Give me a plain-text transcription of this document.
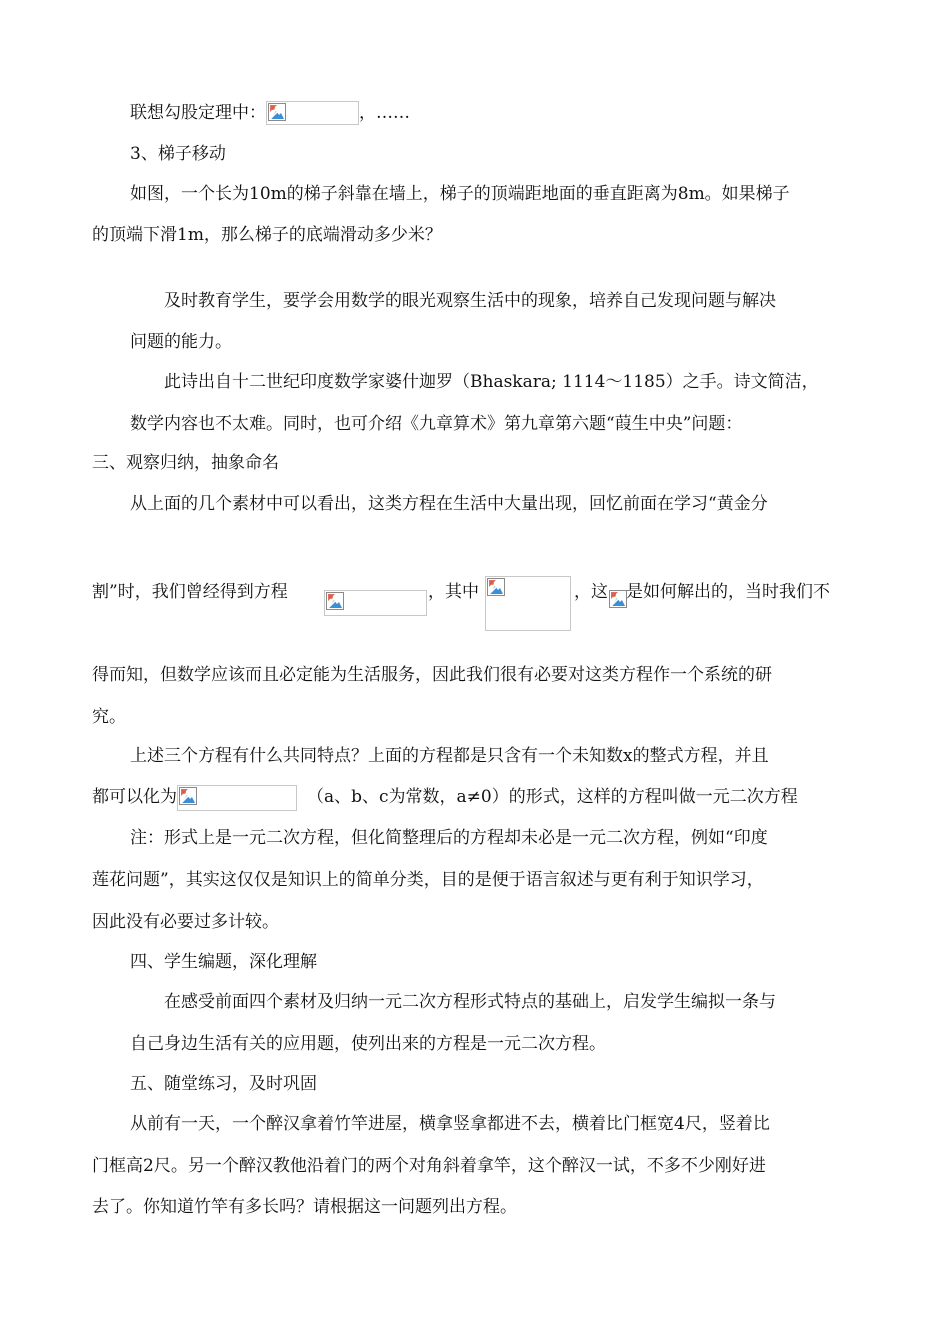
联想勾股定理中：	，……
3、梯子移动
如图，一个长为10m的梯子斜靠在墙上，梯子的顶端距地面的垂直距离为8m。如果梯子
的顶端下滑1m，那么梯子的底端滑动多少米？
及时教育学生，要学会用数学的眼光观察生活中的现象，培养自己发现问题与解决
问题的能力。
此诗出自十二世纪印度数学家婆什迦罗（Bhaskara; 1114～1185）之手。诗文简洁，
数学内容也不太难。同时，也可介绍《九章算术》第九章第六题“葭生中央”问题：
三、观察归纳，抽象命名
从上面的几个素材中可以看出，这类方程在生活中大量出现，回忆前面在学习“黄金分
割”时，我们曾经得到方程	，其中	，这 是如何解出的，当时我们不
得而知，但数学应该而且必定能为生活服务，因此我们很有必要对这类方程作一个系统的研
究。
上述三个方程有什么共同特点？上面的方程都是只含有一个未知数x的整式方程，并且
都可以化为	（a、b、c为常数，a≠0）的形式，这样的方程叫做一元二次方程
注：形式上是一元二次方程，但化简整理后的方程却未必是一元二次方程，例如“印度
莲花问题”，其实这仅仅是知识上的简单分类，目的是便于语言叙述与更有利于知识学习，
因此没有必要过多计较。
四、学生编题，深化理解
在感受前面四个素材及归纳一元二次方程形式特点的基础上，启发学生编拟一条与
自己身边生活有关的应用题，使列出来的方程是一元二次方程。
五、随堂练习，及时巩固
从前有一天，一个醉汉拿着竹竿进屋，横拿竖拿都进不去，横着比门框宽4尺，竖着比
门框高2尺。另一个醉汉教他沿着门的两个对角斜着拿竿，这个醉汉一试，不多不少刚好进
去了。你知道竹竿有多长吗？请根据这一问题列出方程。
